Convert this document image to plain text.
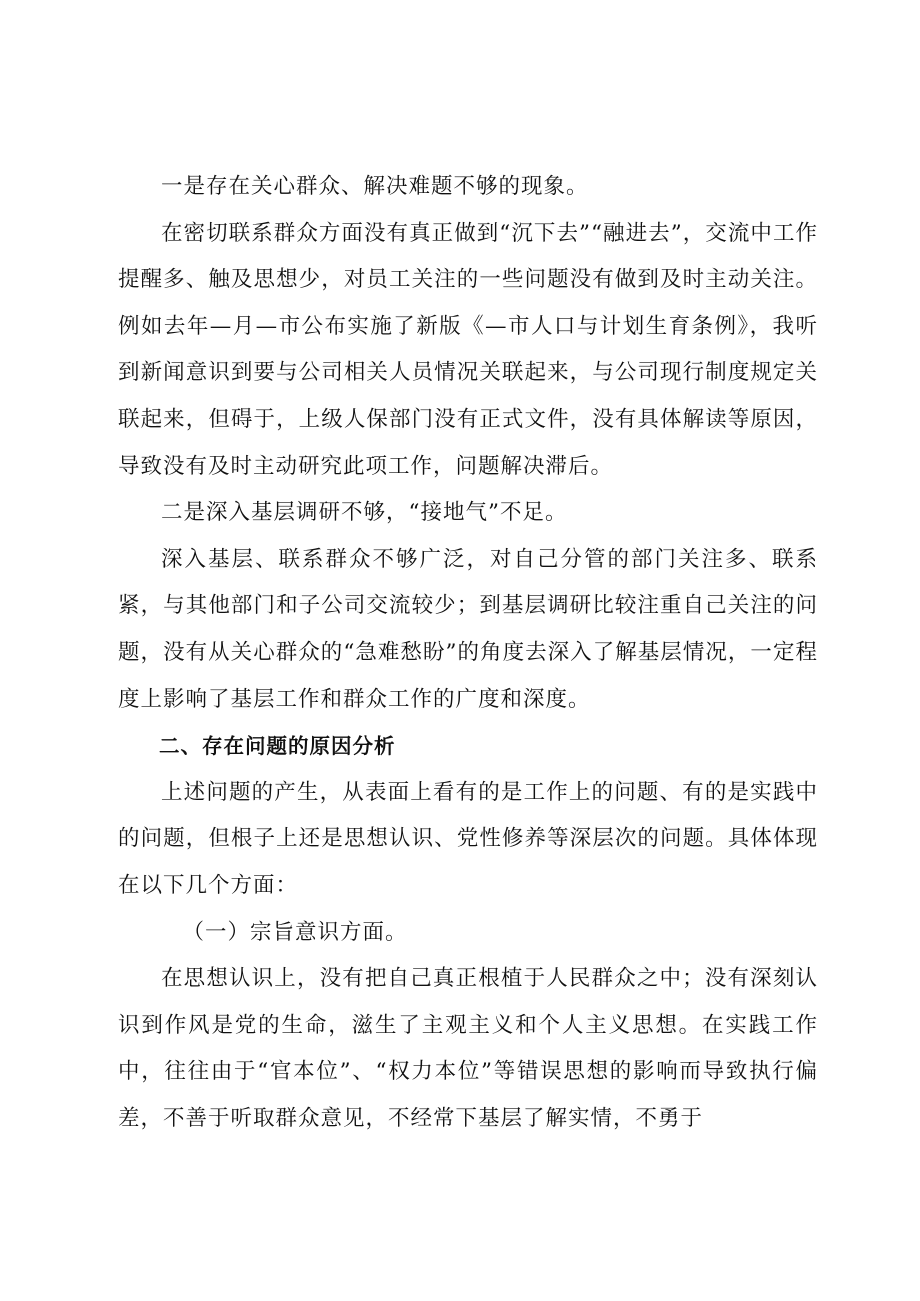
一是存在关心群众、解决难题不够的现象。

在密切联系群众方面没有真正做到“沉下去”“融进去”，交流中工作提醒多、触及思想少，对员工关注的一些问题没有做到及时主动关注。例如去年—月—市公布实施了新版《—市人口与计划生育条例》，我听到新闻意识到要与公司相关人员情况关联起来，与公司现行制度规定关联起来，但碍于，上级人保部门没有正式文件，没有具体解读等原因，导致没有及时主动研究此项工作，问题解决滞后。

二是深入基层调研不够，“接地气”不足。

深入基层、联系群众不够广泛，对自己分管的部门关注多、联系紧，与其他部门和子公司交流较少；到基层调研比较注重自己关注的问题，没有从关心群众的“急难愁盼”的角度去深入了解基层情况，一定程度上影响了基层工作和群众工作的广度和深度。

二、存在问题的原因分析

上述问题的产生，从表面上看有的是工作上的问题、有的是实践中的问题，但根子上还是思想认识、党性修养等深层次的问题。具体体现在以下几个方面：

（一）宗旨意识方面。

在思想认识上，没有把自己真正根植于人民群众之中；没有深刻认识到作风是党的生命，滋生了主观主义和个人主义思想。在实践工作中，往往由于“官本位”、“权力本位”等错误思想的影响而导致执行偏差，不善于听取群众意见，不经常下基层了解实情，不勇于
